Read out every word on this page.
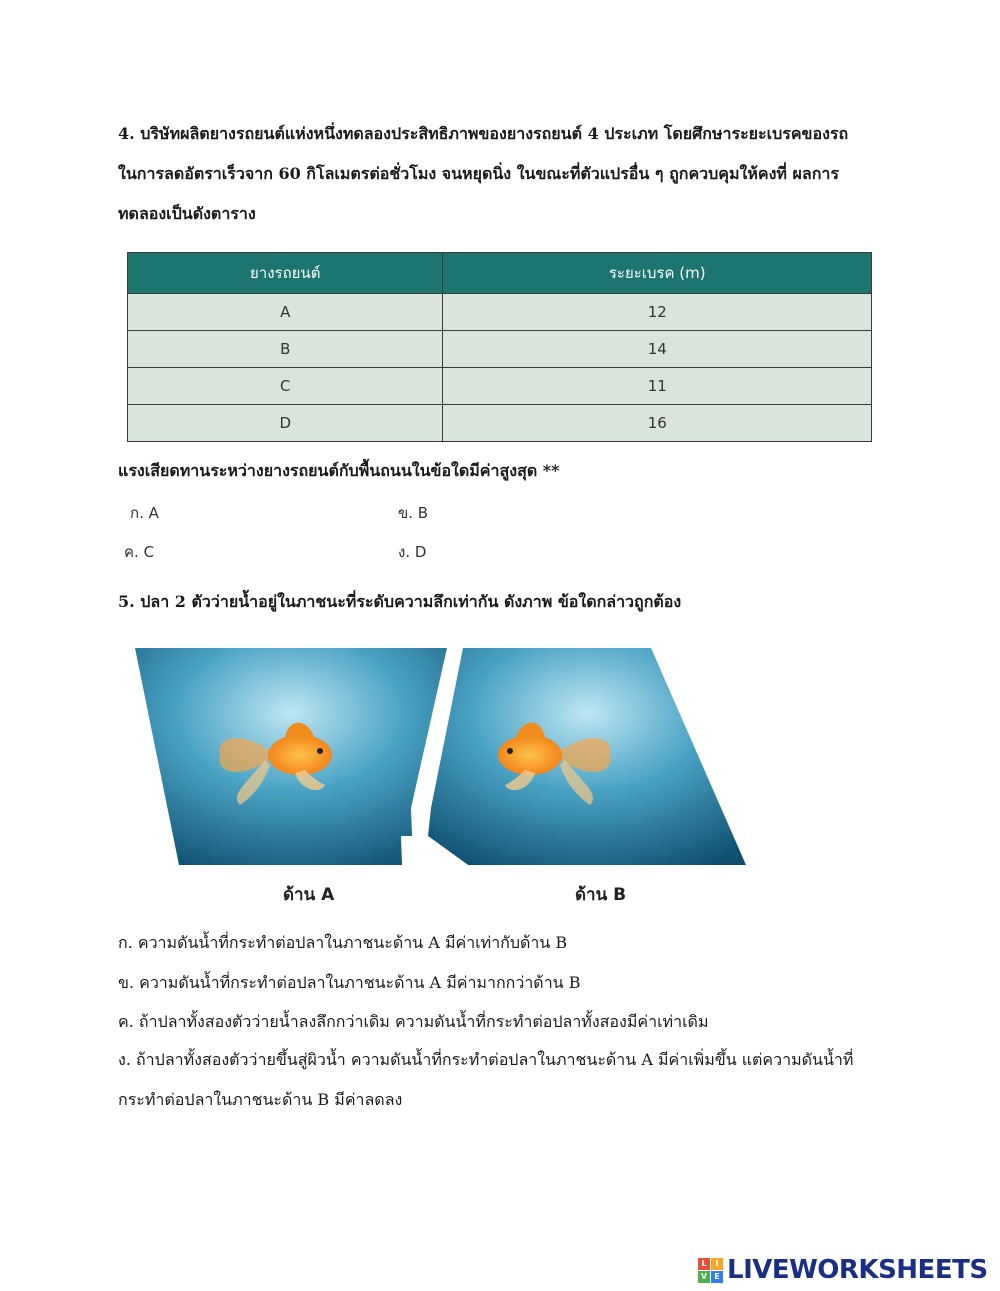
4. บริษัทผลิตยางรถยนต์แห่งหนึ่งทดลองประสิทธิภาพของยางรถยนต์ 4 ประเภท โดยศึกษาระยะเบรคของรถ
ในการลดอัตราเร็วจาก 60 กิโลเมตรต่อชั่วโมง จนหยุดนิ่ง ในขณะที่ตัวแปรอื่น ๆ ถูกควบคุมให้คงที่ ผลการ
ทดลองเป็นดังตาราง
ยางรถยนต์	ระยะเบรค (m)
A	12
B	14
C	11
D	16
แรงเสียดทานระหว่างยางรถยนต์กับพื้นถนนในข้อใดมีค่าสูงสุด **
ก. A	ข. B
ค. C	ง. D
5. ปลา 2 ตัวว่ายน้ำอยู่ในภาชนะที่ระดับความลึกเท่ากัน ดังภาพ ข้อใดกล่าวถูกต้อง
ด้าน A	ด้าน B
ก. ความดันน้ำที่กระทำต่อปลาในภาชนะด้าน A มีค่าเท่ากับด้าน B
ข. ความดันน้ำที่กระทำต่อปลาในภาชนะด้าน A มีค่ามากกว่าด้าน B
ค. ถ้าปลาทั้งสองตัวว่ายน้ำลงลึกกว่าเดิม ความดันน้ำที่กระทำต่อปลาทั้งสองมีค่าเท่าเดิม
ง. ถ้าปลาทั้งสองตัวว่ายขึ้นสู่ผิวน้ำ ความดันน้ำที่กระทำต่อปลาในภาชนะด้าน A มีค่าเพิ่มขึ้น แต่ความดันน้ำที่
กระทำต่อปลาในภาชนะด้าน B มีค่าลดลง
L	I
V E LIVEWORKSHEETS
